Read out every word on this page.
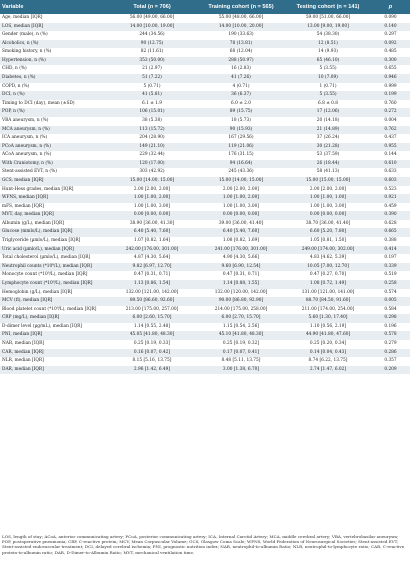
Variable	Total (n = 706)	Training cohort (n = 565)	Testing cohort (n = 141)	p
Age, median [IQR]	56.00 [49.00, 66.00]	55.00 [48.00, 66.00]	59.00 [51.00, 66.00]	0.090
LOS, median [IQR]	14.00 [10.00, 19.00]	14.00 [10.00, 20.00]	13.00 [9.00, 19.00]	0.140
Gender (male), n (%)	244 (34.56)	190 (33.63)	54 (38.30)	0.297
Alcoholics, n (%)	90 (12.75)	78 (13.81)	12 (8.51)	0.092
Smoking history, n (%)	82 (11.61)	68 (12.04)	14 (9.93)	0.485
Hypertension, n (%)	353 (50.00)	288 (50.97)	65 (46.10)	0.300
CHD, n (%)	21 (2.97)	16 (2.83)	5 (3.55)	0.655
Diabetes, n (%)	51 (7.22)	41 (7.26)	10 (7.09)	0.946
COPD, n (%)	5 (0.71)	4 (0.71)	1 (0.71)	0.999
DCI, n (%)	41 (5.81)	36 (6.37)	5 (3.55)	0.199
Timing to DCI (day), mean (±SD)	6.1 ± 1.9	6.0 ± 2.0	6.8 ± 0.8	0.760
POP, n (%)	106 (15.01)	89 (15.75)	17 (12.06)	0.272
VBA aneurysm, n (%)	38 (5.38)	18 (5.73)	20 (14.18)	0.004
MCA aneurysm, n (%)	113 (15.72)	90 (15.93)	21 (14.89)	0.762
ICA aneurysm, n (%)	204 (28.90)	167 (29.56)	37 (26.24)	0.437
PCoA aneurysm, n (%)	149 (21.10)	119 (21.06)	30 (21.28)	0.955
ACoA aneurysm, n (%)	229 (32.44)	176 (31.15)	53 (37.59)	0.144
With Craniotomy, n (%)	120 (17.00)	94 (16.64)	26 (18.44)	0.610
Stent-assisted EVT, n (%)	303 (42.92)	245 (43.36)	58 (41.13)	0.633
GCS, median [IQR]	15.00 [14.00, 15.00]	15.00 [14.00, 15.00]	15.00 [15.00, 15.00]	0.603
Hunt-Hess grades, median [IQR]	2.00 [2.00, 2.00]	2.00 [2.00, 2.00]	2.00 [2.00, 2.00]	0.523
WFNS, median [IQR]	1.00 [1.00, 2.00]	1.00 [1.00, 2.00]	1.00 [1.00, 1.00]	0.921
mFS, median [IQR]	1.00 [1.00, 3.00]	1.00 [1.00, 3.00]	1.00 [1.00, 3.00]	0.459
MVT, day, median [IQR]	0.00 [0.00, 0.00]	0.00 [0.00, 0.00]	0.00 [0.00, 0.00]	0.390
Albumin (g/L), median [IQR]	38.90 [36.00, 41.30]	39.00 [36.00, 41.40]	38.70 [36.00, 41.40]	0.628
Glucose (mmlo/L), median [IQR]	6.40 [5.40, 7.60]	6.40 [5.40, 7.60]	6.60 [5.20, 7.80]	0.665
Triglyceride (µmlo/L), median [IQR]	1.07 [0.82, 1.64]	1.08 [0.82, 1.69]	1.05 [0.81, 1.50]	0.388
Uric acid (µmlo/L), median [IQR]	242.00 [176.00, 301.00]	241.00 [176.00, 301.00]	249.00 [174.00, 302.00]	0.414
Total cholesterol (µmlo/L), median [IQR]	4.87 [4.30, 5.64]	4.90 [4.30, 5.66]	4.83 [4.62, 5.39]	0.197
Neutrophil counts (*10⁹/L), median [IQR]	9.82 [6.97, 12.70]	9.60 [6.90, 12.54]	10.05 [7.00, 12.70]	0.339
Monocyte count (*10⁹/L), median [IQR]	0.47 [0.31, 0.71]	0.47 [0.31, 0.71]	0.47 [0.27, 0.70]	0.519
Lymphocyte count (*10⁹/L), median [IQR]	1.13 [0.86, 1.54]	1.14 [0.88, 1.55]	1.08 [0.72, 1.49]	0.258
Hemoglobin (g/L), median [IQR]	132.00 [121.00, 142.00]	132.00 [120.00, 142.00]	131.00 [121.00, 141.00]	0.574
MCV (fl), median [IQR]	89.50 [86.60, 92.60]	90.00 [86.80, 92.90]	88.70 [84.50, 91.60]	0.005
Blood platelet count (*10⁹/L), median [IQR]	213.00 [175.00, 257.00]	214.00 [175.00, 258.00]	211.00 [174.00, 254.00]	0.584
CRP (mg/L), median [IQR]	6.00 [2.60, 15.70]	6.00 [2.70, 15.70]	5.60 [1.30, 17.40]	0.298
D-dimer level (µg/mL), median [IQR]	1.14 [0.55, 2.48]	1.15 [0.54, 2.56]	1.10 [0.56, 2.19]	0.196
PNI, median [IQR]	45.05 [41.80, 48.30]	45.10 [41.80, 48.30]	44.90 [41.80, 47.60]	0.578
NAR, median [IQR]	0.25 [0.19, 0.33]	0.25 [0.19, 0.32]	0.25 [0.20, 0.34]	0.279
CAR, median [IQR]	0.16 [0.07, 0.42]	0.17 [0.07, 0.41]	0.14 [0.04, 0.43]	0.286
NLR, median [IQR]	8.15 [5.16, 13.75]	8.48 [5.11, 13.75]	8.74 [6.22, 13.75]	0.357
DAR, median [IQR]	2.96 [1.42, 6.49]	3.00 [1.38, 6.70]	2.74 [1.47, 6.02]	0.209
LOS, length of stay; ACoA, anterior communicating artery; PCoA, posterior communicating artery; ICA, Internal Carotid Artery; MCA, middle cerebral artery; VBA, vertebrobasilar aneurysm; POP, postoperative pneumonia; CRP, C-reactive protein; MCV, Mean Corpuscular Volume; GCS, Glasgow Coma Scale; WFNS, World Federation of Neurosurgical Societies; Stent-assisted EVT, Stent-assisted endovascular treatment; DCI, delayed cerebral ischemia; PNI, prognostic nutrition index; NAR, neutrophil-to-albumin Ratio; NLR, neutrophil-to-lymphocyte ratio; CAR, C-reactive protein-to-albumin ratio; DAR, D-Dimer-to-Albumin Ratio; MVT, mechanical ventilation time.
